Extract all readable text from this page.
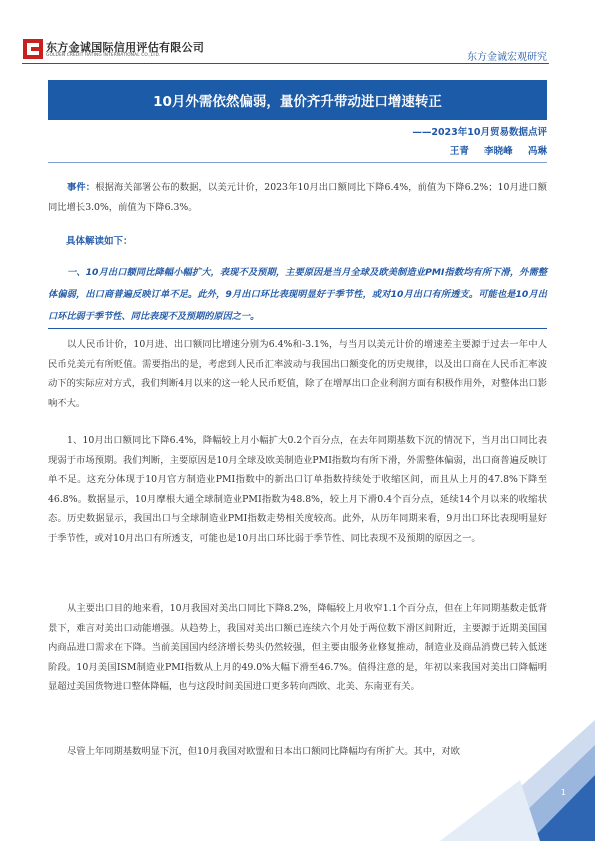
东方金诚国际信用评估有限公司
GOLDEN CREDIT RATING INTERNATIONAL CO.,LTD.	东方金诚宏观研究
10月外需依然偏弱，量价齐升带动进口增速转正
——2023年10月贸易数据点评
王青 李晓峰 冯琳
事件：根据海关部署公布的数据，以美元计价，2023年10月出口额同比下降6.4%，前值为下降6.2%；10月进口额同比增长3.0%，前值为下降6.3%。
具体解读如下：
一、10月出口额同比降幅小幅扩大，表现不及预期，主要原因是当月全球及欧美制造业PMI指数均有所下滑，外需整体偏弱，出口商普遍反映订单不足。此外，9月出口环比表现明显好于季节性，或对10月出口有所透支。可能也是10月出口环比弱于季节性、同比表现不及预期的原因之一。
以人民币计价，10月进、出口额同比增速分别为6.4%和-3.1%，与当月以美元计价的增速差主要源于过去一年中人民币兑美元有所贬值。需要指出的是，考虑到人民币汇率波动与我国出口额变化的历史规律，以及出口商在人民币汇率波动下的实际应对方式，我们判断4月以来的这一轮人民币贬值，除了在增厚出口企业利润方面有积极作用外，对整体出口影响不大。
1、10月出口额同比下降6.4%，降幅较上月小幅扩大0.2个百分点，在去年同期基数下沉的情况下，当月出口同比表现弱于市场预期。我们判断，主要原因是10月全球及欧美制造业PMI指数均有所下滑，外需整体偏弱，出口商普遍反映订单不足。这充分体现于10月官方制造业PMI指数中的新出口订单指数持续处于收缩区间，而且从上月的47.8%下降至46.8%。数据显示，10月摩根大通全球制造业PMI指数为48.8%，较上月下滑0.4个百分点，延续14个月以来的收缩状态。历史数据显示，我国出口与全球制造业PMI指数走势相关度较高。此外，从历年同期来看，9月出口环比表现明显好于季节性，或对10月出口有所透支，可能也是10月出口环比弱于季节性、同比表现不及预期的原因之一。
从主要出口目的地来看，10月我国对美出口同比下降8.2%，降幅较上月收窄1.1个百分点，但在上年同期基数走低背景下，难言对美出口动能增强。从趋势上，我国对美出口额已连续六个月处于两位数下滑区间附近，主要源于近期美国国内商品进口需求在下降。当前美国国内经济增长势头仍然较强，但主要由服务业修复推动，制造业及商品消费已转入低迷阶段。10月美国ISM制造业PMI指数从上月的49.0%大幅下滑至46.7%。值得注意的是，年初以来我国对美出口降幅明显超过美国货物进口整体降幅，也与这段时间美国进口更多转向西欧、北美、东南亚有关。
尽管上年同期基数明显下沉，但10月我国对欧盟和日本出口额同比降幅均有所扩大。其中，对欧
1
